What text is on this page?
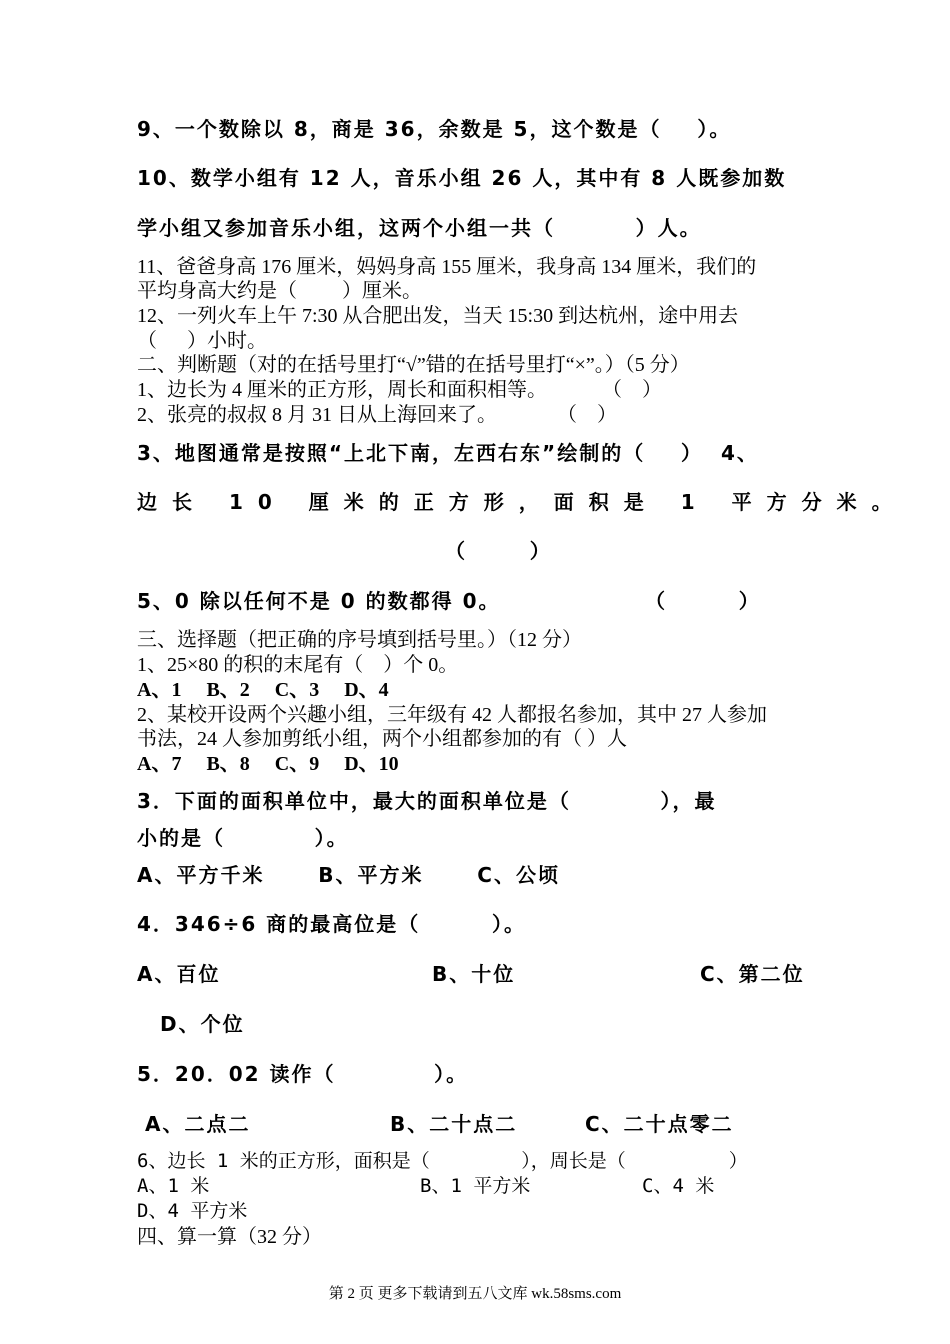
9、一个数除以 8，商是 36，余数是 5，这个数是（    ）。
10、数学小组有 12 人，音乐小组 26 人，其中有 8 人既参加数
学小组又参加音乐小组，这两个小组一共（         ）人。
11、爸爸身高 176 厘米，妈妈身高 155 厘米，我身高 134 厘米，我们的
平均身高大约是（         ）厘米。
12、一列火车上午 7:30 从合肥出发，当天 15:30 到达杭州，途中用去
（      ）小时。
二、判断题（对的在括号里打“√”错的在括号里打“×”。）（5 分）
1、边长为 4 厘米的正方形，周长和面积相等。           （    ）
2、张亮的叔叔 8 月 31 日从上海回来了。            （    ）
3、地图通常是按照“上北下南，左西右东”绘制的（    ）  4、
边长 10 厘米的正方形，面积是 1 平方分米。
（       ）
5、0 除以任何不是 0 的数都得 0。	（        ）
三、选择题（把正确的序号填到括号里。）（12 分）
1、25×80 的积的末尾有（    ）个 0。
A、1     B、2     C、3     D、4
2、某校开设两个兴趣小组，三年级有 42 人都报名参加，其中 27 人参加
书法，24 人参加剪纸小组，两个小组都参加的有（ ）人
A、7     B、8     C、9     D、10
3．下面的面积单位中，最大的面积单位是（          ），最
小的是（          ）。
A、平方千米      B、平方米      C、公顷
4．346÷6 商的最高位是（        ）。
A、百位	B、十位	C、第二位
D、个位
5．20．02 读作（           ）。
A、二点二	B、二十点二	C、二十点零二
6、边长 1 米的正方形，面积是（        ），周长是（         ）
A、1 米	B、1 平方米	C、4 米
D、4 平方米
四、算一算（32 分）
第 2 页 更多下载请到五八文库 wk.58sms.com
